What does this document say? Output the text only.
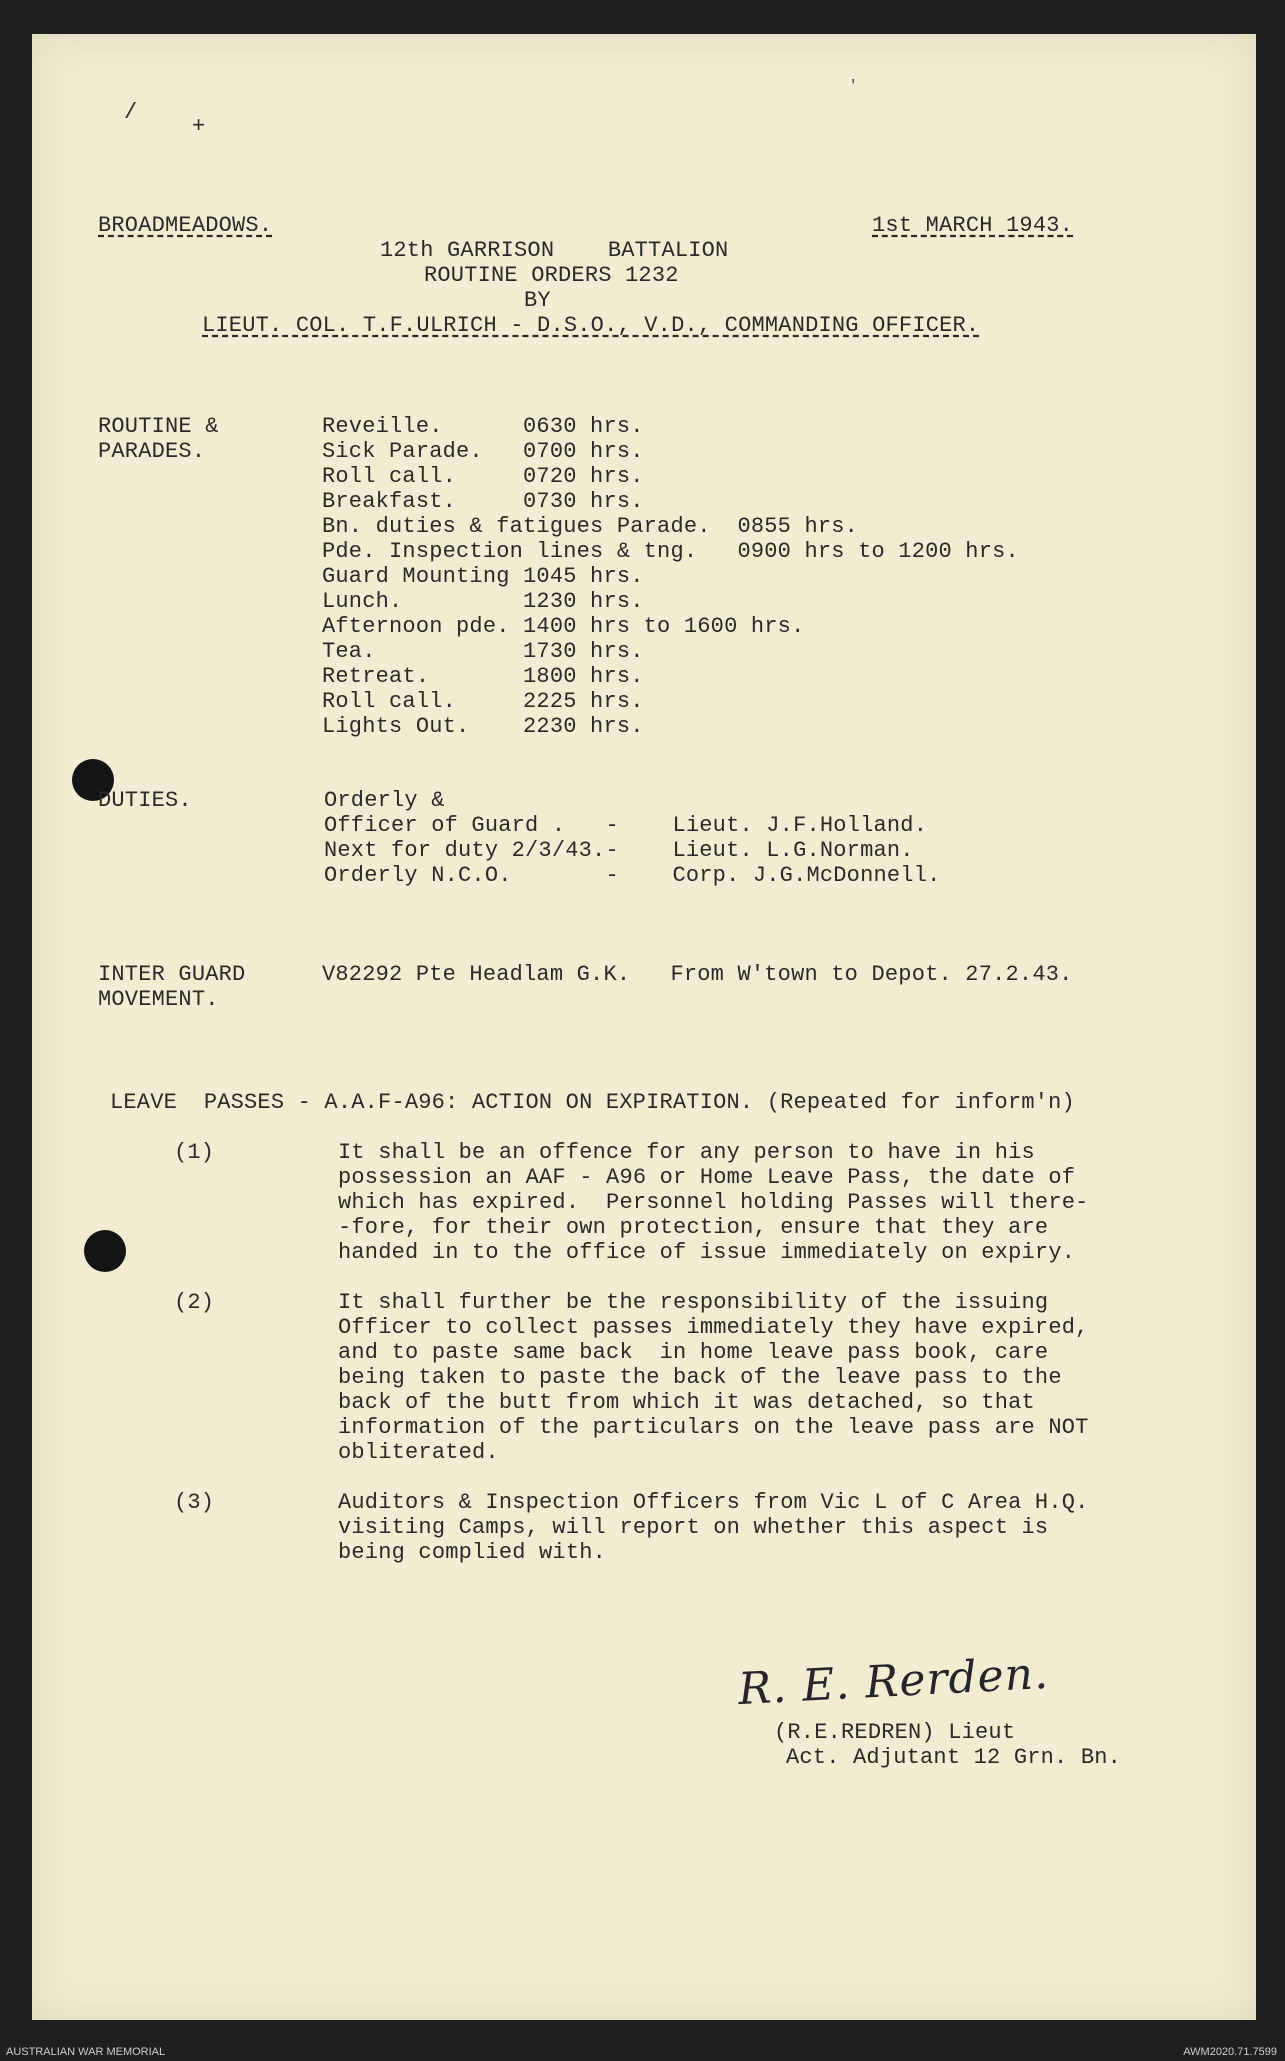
/
+
'
BROADMEADOWS.	1st MARCH 1943.
12th GARRISON    BATTALION
ROUTINE ORDERS 1232
BY
LIEUT. COL. T.F.ULRICH - D.S.O., V.D., COMMANDING OFFICER.
ROUTINE &
PARADES.
Reveille.      0630 hrs.
Sick Parade.   0700 hrs.
Roll call.     0720 hrs.
Breakfast.     0730 hrs.
Bn. duties & fatigues Parade.  0855 hrs.
Pde. Inspection lines & tng.   0900 hrs to 1200 hrs.
Guard Mounting 1045 hrs.
Lunch.         1230 hrs.
Afternoon pde. 1400 hrs to 1600 hrs.
Tea.           1730 hrs.
Retreat.       1800 hrs.
Roll call.     2225 hrs.
Lights Out.    2230 hrs.
DUTIES.	Orderly &
Officer of Guard .   -    Lieut. J.F.Holland.
Next for duty 2/3/43.-    Lieut. L.G.Norman.
Orderly N.C.O.       -    Corp. J.G.McDonnell.
INTER GUARD
MOVEMENT.
V82292 Pte Headlam G.K.   From W'town to Depot. 27.2.43.
LEAVE  PASSES - A.A.F-A96: ACTION ON EXPIRATION. (Repeated for inform'n)
(1)	It shall be an offence for any person to have in his
possession an AAF - A96 or Home Leave Pass, the date of
which has expired.  Personnel holding Passes will there-
-fore, for their own protection, ensure that they are
handed in to the office of issue immediately on expiry.
(2)	It shall further be the responsibility of the issuing
Officer to collect passes immediately they have expired,
and to paste same back  in home leave pass book, care
being taken to paste the back of the leave pass to the
back of the butt from which it was detached, so that
information of the particulars on the leave pass are NOT
obliterated.
(3)	Auditors & Inspection Officers from Vic L of C Area H.Q.
visiting Camps, will report on whether this aspect is
being complied with.
R. E. Rerden.
(R.E.REDREN) Lieut
Act. Adjutant 12 Grn. Bn.
AUSTRALIAN WAR MEMORIAL	AWM2020.71.7599
